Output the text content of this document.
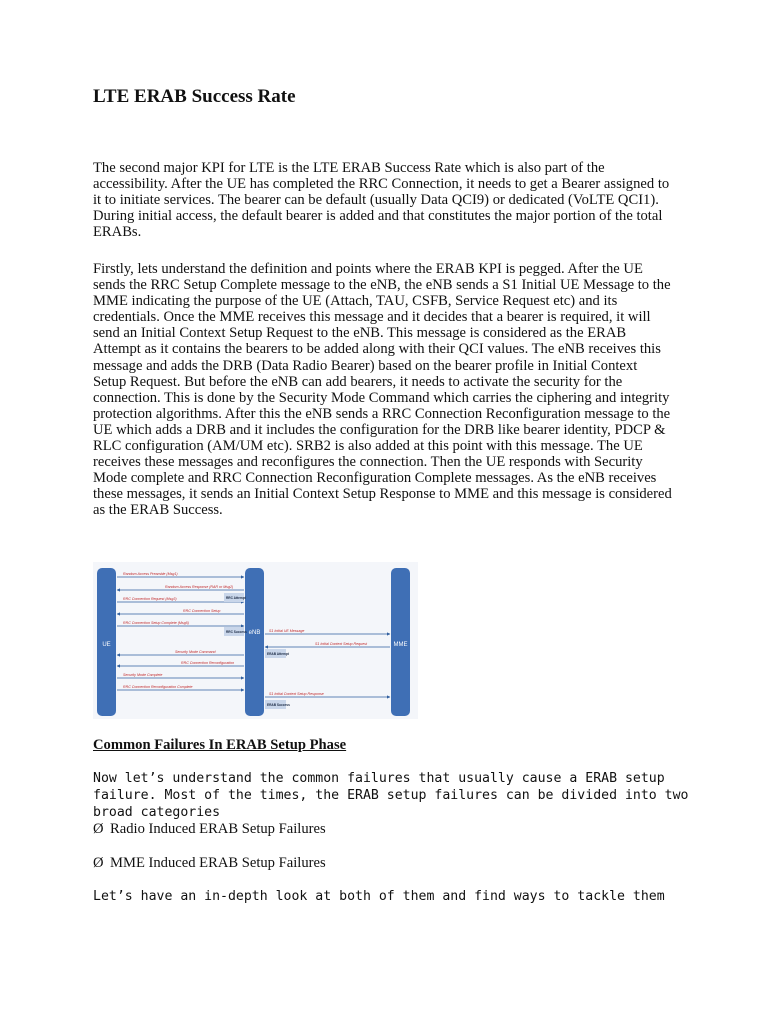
LTE ERAB Success Rate

The second major KPI for LTE is the LTE ERAB Success Rate which is also part of the accessibility. After the UE has completed the RRC Connection, it needs to get a Bearer assigned to it to initiate services. The bearer can be default (usually Data QCI9) or dedicated (VoLTE QCI1). During initial access, the default bearer is added and that constitutes the major portion of the total ERABs.

Firstly, lets understand the definition and points where the ERAB KPI is pegged. After the UE sends the RRC Setup Complete message to the eNB, the eNB sends a S1 Initial UE Message to the MME indicating the purpose of the UE (Attach, TAU, CSFB, Service Request etc) and its credentials. Once the MME receives this message and it decides that a bearer is required, it will send an Initial Context Setup Request to the eNB. This message is considered as the ERAB Attempt as it contains the bearers to be added along with their QCI values. The eNB receives this message and adds the DRB (Data Radio Bearer) based on the bearer profile in Initial Context Setup Request. But before the eNB can add bearers, it needs to activate the security for the connection. This is done by the Security Mode Command which carries the ciphering and integrity protection algorithms. After this the eNB sends a RRC Connection Reconfiguration message to the UE which adds a DRB and it includes the configuration for the DRB like bearer identity, PDCP & RLC configuration (AM/UM etc). SRB2 is also added at this point with this message. The UE receives these messages and reconfigures the connection. Then the UE responds with Security Mode complete and RRC Connection Reconfiguration Complete messages. As the eNB receives these messages, it sends an Initial Context Setup Response to MME and this message is considered as the ERAB Success.

UE
eNB
MME
Random Access Preamble (Msg1)
Random Access Response (RAR or Msg2)
RRC Connection Request (Msg3)
RRC Connection Setup
RRC Connection Setup Complete (Msg5)
Security Mode Command
RRC Connection Reconfiguration
Security Mode Complete
RRC Connection Reconfiguration Complete
S1 Initial UE Message
S1 Initial Context Setup Request
S1 Initial Context Setup Response
RRC Attempt
RRC Success
ERAB Attempt
ERAB Success
Common Failures In ERAB Setup Phase

Now let’s understand the common failures that usually cause a ERAB setup failure. Most of the times, the ERAB setup failures can be divided into two broad categories

Ø Radio Induced ERAB Setup Failures

Ø MME Induced ERAB Setup Failures

Let’s have an in-depth look at both of them and find ways to tackle them
